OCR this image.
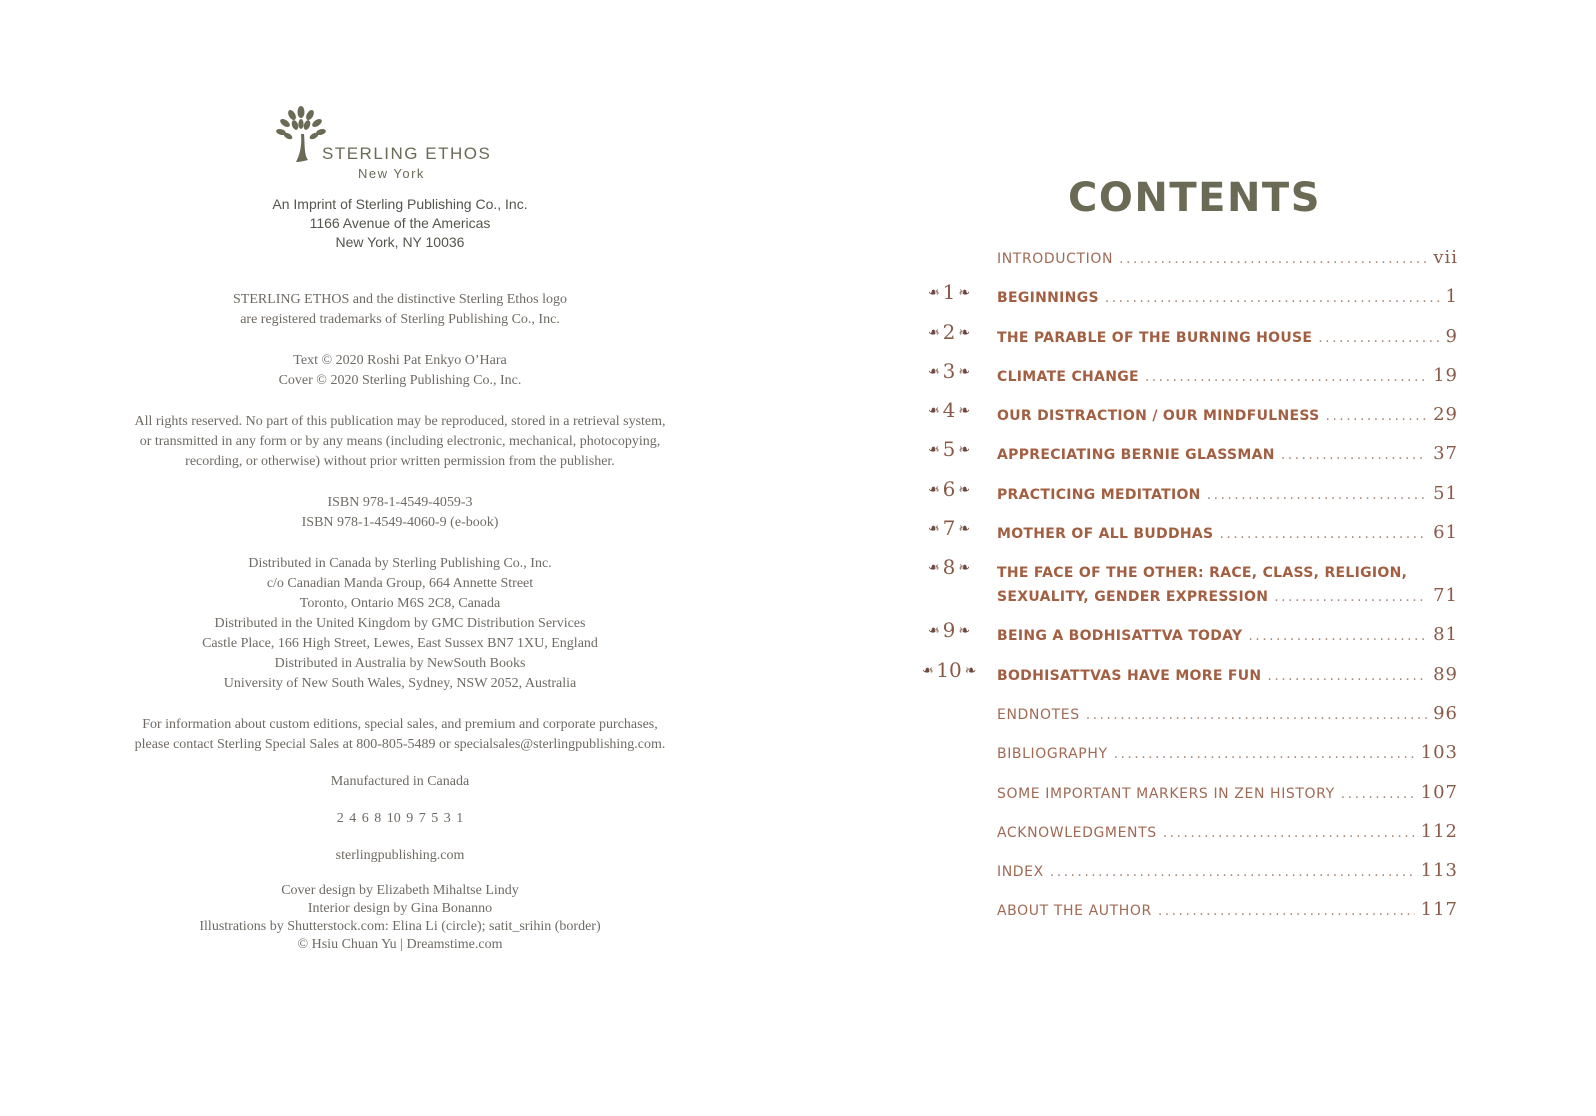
STERLING ETHOS
New York
An Imprint of Sterling Publishing Co., Inc.
1166 Avenue of the Americas
New York, NY 10036
STERLING ETHOS and the distinctive Sterling Ethos logo
are registered trademarks of Sterling Publishing Co., Inc.
Text © 2020 Roshi Pat Enkyo O’Hara
Cover © 2020 Sterling Publishing Co., Inc.
All rights reserved. No part of this publication may be reproduced, stored in a retrieval system,
or transmitted in any form or by any means (including electronic, mechanical, photocopying,
recording, or otherwise) without prior written permission from the publisher.
ISBN 978-1-4549-4059-3
ISBN 978-1-4549-4060-9 (e-book)
Distributed in Canada by Sterling Publishing Co., Inc.
c/o Canadian Manda Group, 664 Annette Street
Toronto, Ontario M6S 2C8, Canada
Distributed in the United Kingdom by GMC Distribution Services
Castle Place, 166 High Street, Lewes, East Sussex BN7 1XU, England
Distributed in Australia by NewSouth Books
University of New South Wales, Sydney, NSW 2052, Australia
For information about custom editions, special sales, and premium and corporate purchases,
please contact Sterling Special Sales at 800-805-5489 or specialsales@sterlingpublishing.com.
Manufactured in Canada
2 4 6 8 10 9 7 5 3 1
sterlingpublishing.com
Cover design by Elizabeth Mihaltse Lindy
Interior design by Gina Bonanno
Illustrations by Shutterstock.com: Elina Li (circle); satit_srihin (border)
© Hsiu Chuan Yu | Dreamstime.com
CONTENTS
INTRODUCTION . . .	vii
❧ 1 ❧	BEGINNINGS . . .	1
❧ 2 ❧	THE PARABLE OF THE BURNING HOUSE . . .	9
❧ 3 ❧	CLIMATE CHANGE . . .	19
❧ 4 ❧	OUR DISTRACTION / OUR MINDFULNESS . . .	29
❧ 5 ❧	APPRECIATING BERNIE GLASSMAN . . .	37
❧ 6 ❧	PRACTICING MEDITATION . . .	51
❧ 7 ❧	MOTHER OF ALL BUDDHAS . . .	61
❧ 8 ❧	THE FACE OF THE OTHER: RACE, CLASS, RELIGION,
SEXUALITY, GENDER EXPRESSION . . .	71
❧ 9 ❧	BEING A BODHISATTVA TODAY . . .	81
❧ 10 ❧ BODHISATTVAS HAVE MORE FUN . . .	89
ENDNOTES . . .	96
BIBLIOGRAPHY . . .	103
SOME IMPORTANT MARKERS IN ZEN HISTORY . . .	107
ACKNOWLEDGMENTS . . .	112
INDEX . . .	113
ABOUT THE AUTHOR . . .	117
